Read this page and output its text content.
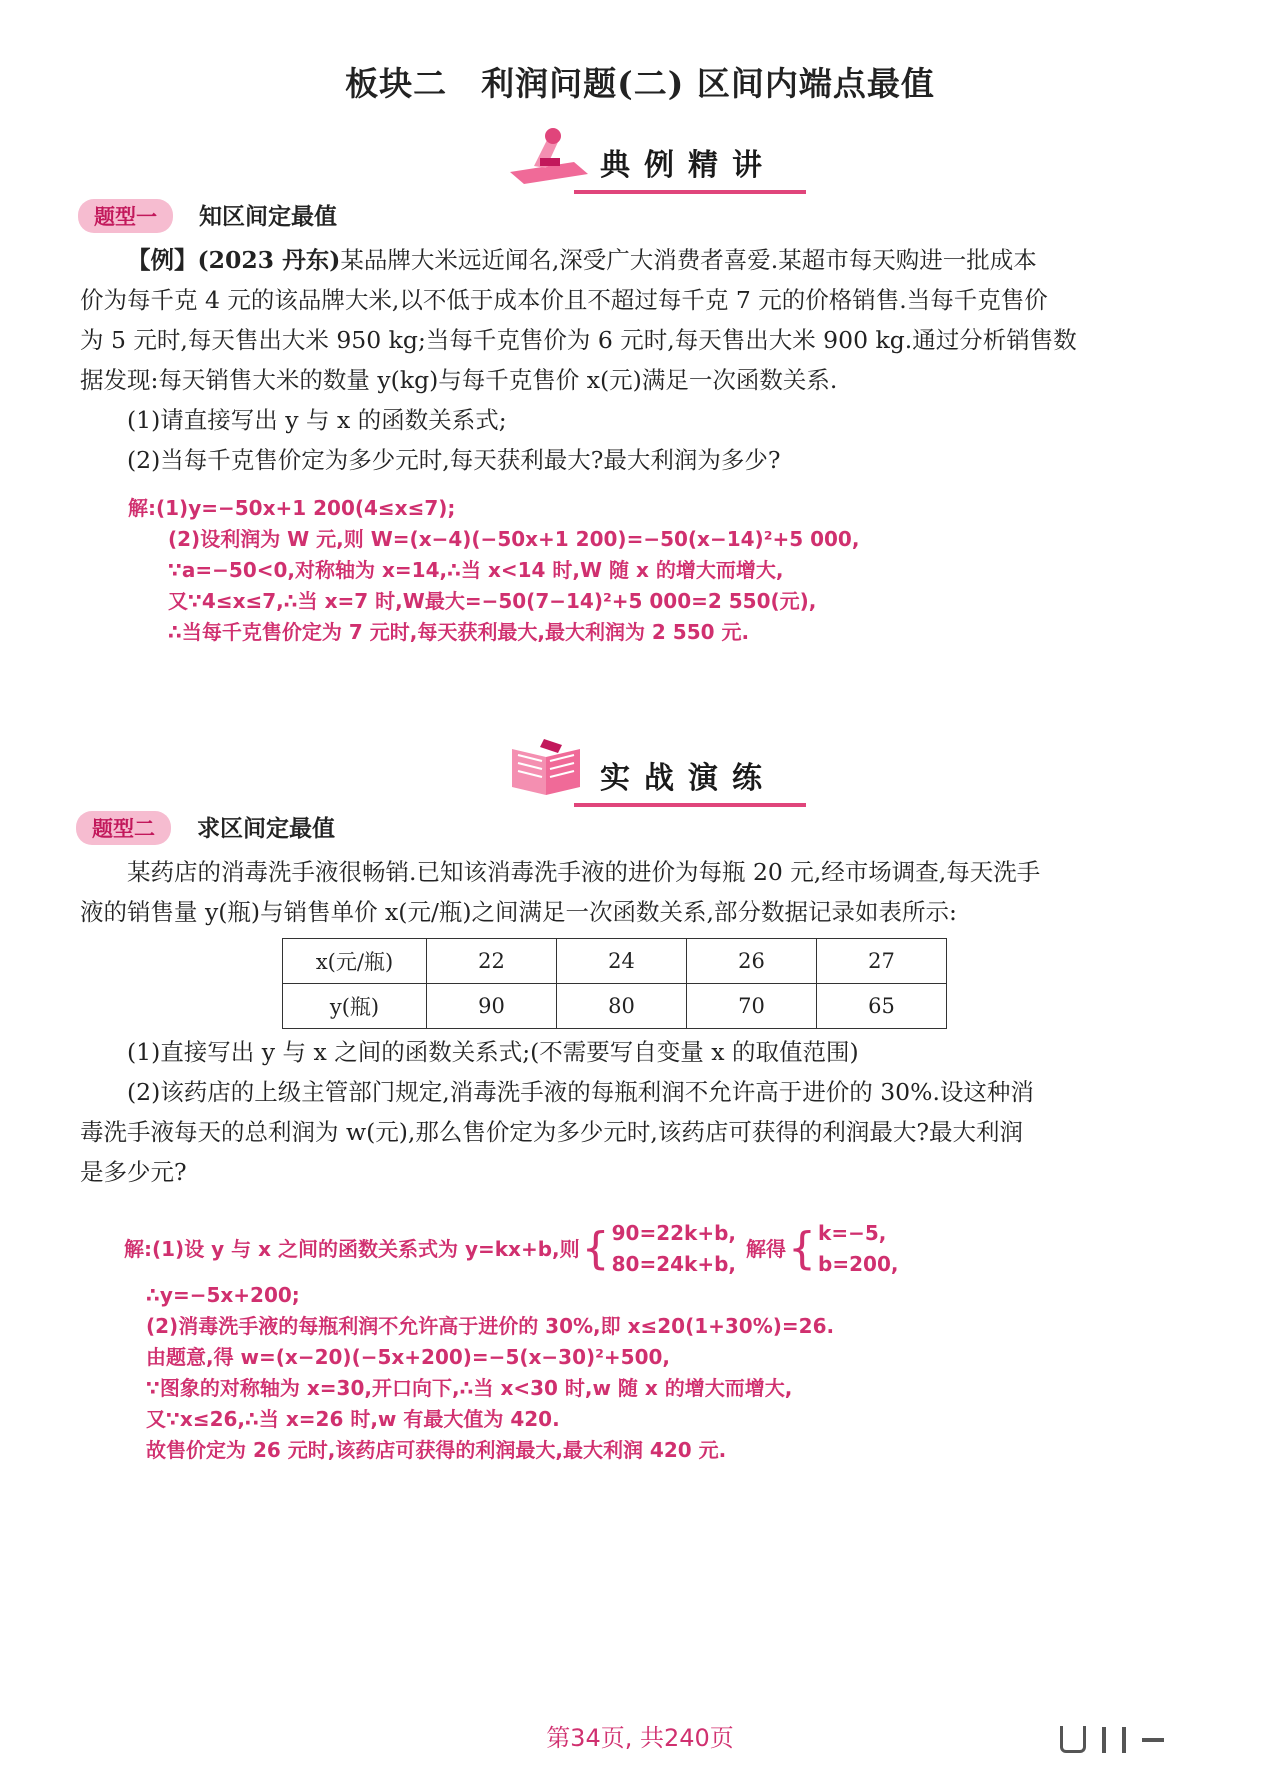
板块二　利润问题(二) 区间内端点最值
典例精讲
题型一 知区间定最值

【例】(2023 丹东)某品牌大米远近闻名,深受广大消费者喜爱.某超市每天购进一批成本

价为每千克 4 元的该品牌大米,以不低于成本价且不超过每千克 7 元的价格销售.当每千克售价

为 5 元时,每天售出大米 950 kg;当每千克售价为 6 元时,每天售出大米 900 kg.通过分析销售数

据发现:每天销售大米的数量 y(kg)与每千克售价 x(元)满足一次函数关系.

(1)请直接写出 y 与 x 的函数关系式;

(2)当每千克售价定为多少元时,每天获利最大?最大利润为多少?

解:(1)y=−50x+1 200(4≤x≤7);
(2)设利润为 W 元,则 W=(x−4)(−50x+1 200)=−50(x−14)²+5 000,
∵a=−50<0,对称轴为 x=14,∴当 x<14 时,W 随 x 的增大而增大,
又∵4≤x≤7,∴当 x=7 时,W最大=−50(7−14)²+5 000=2 550(元),
∴当每千克售价定为 7 元时,每天获利最大,最大利润为 2 550 元.
实战演练
题型二 求区间定最值

某药店的消毒洗手液很畅销.已知该消毒洗手液的进价为每瓶 20 元,经市场调查,每天洗手

液的销售量 y(瓶)与销售单价 x(元/瓶)之间满足一次函数关系,部分数据记录如表所示:

x(元/瓶)	22	24	26	27
y(瓶)	90	80	70	65

(1)直接写出 y 与 x 之间的函数关系式;(不需要写自变量 x 的取值范围)

(2)该药店的上级主管部门规定,消毒洗手液的每瓶利润不允许高于进价的 30%.设这种消

毒洗手液每天的总利润为 w(元),那么售价定为多少元时,该药店可获得的利润最大?最大利润

是多少元?

解:(1)设 y 与 x 之间的函数关系式为 y=kx+b,则 { 90=22k+b,
80=24k+b,
解得 { k=−5,
b=200,
∴y=−5x+200;
(2)消毒洗手液的每瓶利润不允许高于进价的 30%,即 x≤20(1+30%)=26.
由题意,得 w=(x−20)(−5x+200)=−5(x−30)²+500,
∵图象的对称轴为 x=30,开口向下,∴当 x<30 时,w 随 x 的增大而增大,
又∵x≤26,∴当 x=26 时,w 有最大值为 420.
故售价定为 26 元时,该药店可获得的利润最大,最大利润 420 元.
第34页, 共240页
